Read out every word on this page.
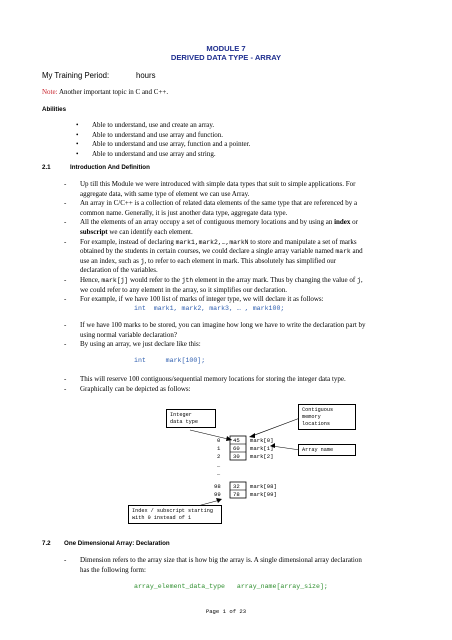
MODULE 7
DERIVED DATA TYPE - ARRAY
My Training Period:	hours
Note: Another important topic in C and C++.
Abilities
• Able to understand, use and create an array.
• Able to understand and use array and function.
• Able to understand and use array, function and a pointer.
• Able to understand and use array and string.
2.1	Introduction And Definition
- Up till this Module we were introduced with simple data types that suit to simple applications. For
aggregate data, with same type of element we can use Array.
- An array in C/C++ is a collection of related data elements of the same type that are referenced by a
common name. Generally, it is just another data type, aggregate data type.
- All the elements of an array occupy a set of contiguous memory locations and by using an index or
subscript we can identify each element.
- For example, instead of declaring mark1,mark2,…,markN to store and manipulate a set of marks
obtained by the students in certain courses, we could declare a single array variable named mark and
use an index, such as j, to refer to each element in mark. This absolutely has simplified our
declaration of the variables.
- Hence, mark[j] would refer to the jth element in the array mark. Thus by changing the value of j,
we could refer to any element in the array, so it simplifies our declaration.
- For example, if we have 100 list of marks of integer type, we will declare it as follows:
int mark1, mark2, mark3, … , mark100;
- If we have 100 marks to be stored, you can imagine how long we have to write the declaration part by
using normal variable declaration?
- By using an array, we just declare like this:
int	mark[100];
- This will reserve 100 contiguous/sequential memory locations for storing the integer data type.
- Graphically can be depicted as follows:
Integer
data type
Contiguous
memory
locations
Array name
Index / subscript starting
with 0 instead of 1
0 45 mark[0]
1 60 mark[1]
2 30 mark[2]
…
…
98 32 mark[98]
99 78 mark[99]
7.2 One Dimensional Array: Declaration
- Dimension refers to the array size that is how big the array is. A single dimensional array declaration
has the following form:
array_element_data_type   array_name[array_size];
Page 1 of 23
